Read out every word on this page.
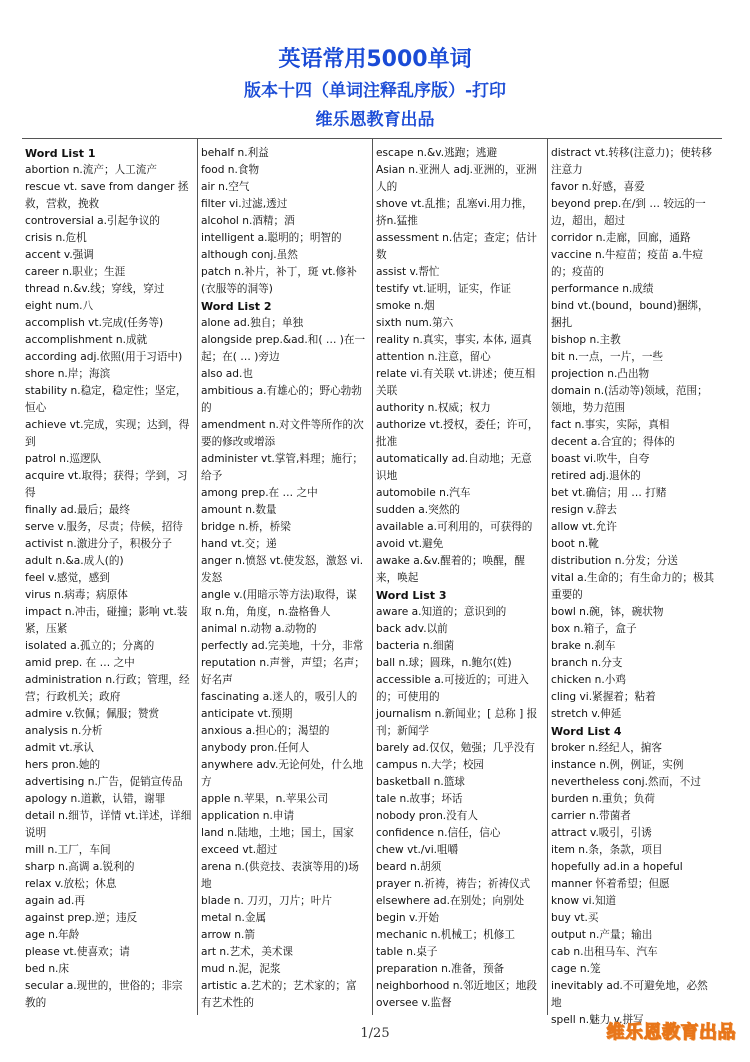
英语常用5000单词
版本十四（单词注释乱序版）-打印
维乐恩教育出品
Word List 1
abortion n.流产；人工流产
rescue vt. save from danger 拯救，营救，挽救
controversial a.引起争议的
crisis n.危机
accent v.强调
career n.职业；生涯
thread n.&v.线；穿线，穿过
eight num.八
accomplish vt.完成(任务等)
accomplishment n.成就
according adj.依照(用于习语中)
shore n.岸；海滨
stability n.稳定，稳定性；坚定，恒心
achieve vt.完成，实现；达到，得到
patrol n.巡逻队
acquire vt.取得；获得；学到，习得
finally ad.最后；最终
serve v.服务，尽责；侍候，招待
activist n.激进分子，积极分子
adult n.&a.成人(的)
feel v.感觉，感到
virus n.病毒；病原体
impact n.冲击，碰撞；影响 vt.装紧，压紧
isolated a.孤立的；分离的
amid prep. 在 … 之中
administration n.行政；管理，经营；行政机关；政府
admire v.钦佩；佩服；赞赏
analysis n.分析
admit vt.承认
hers pron.她的
advertising n.广告，促销宣传品
apology n.道歉，认错，谢罪
detail n.细节，详情 vt.详述，详细说明
mill n.工厂，车间
sharp n.高调 a.锐利的
relax v.放松；休息
again ad.再
against prep.逆；违反
age n.年龄
please vt.使喜欢；请
bed n.床
secular a.现世的，世俗的；非宗教的
behalf n.利益
food n.食物
air n.空气
filter vi.过滤,透过
alcohol n.酒精；酒
intelligent a.聪明的；明智的
although conj.虽然
patch n.补片，补丁，斑 vt.修补(衣服等的洞等)
Word List 2
alone ad.独自；单独
alongside prep.&ad.和( … )在一起；在( … )旁边
also ad.也
ambitious a.有雄心的；野心勃勃的
amendment n.对文件等所作的次要的修改或增添
administer vt.掌管,料理；施行；给予
among prep.在 … 之中
amount n.数量
bridge n.桥，桥梁
hand vt.交；递
anger n.愤怒 vt.使发怒，激怒 vi.发怒
angle v.(用暗示等方法)取得，谋取 n.角，角度，n.盎格鲁人
animal n.动物 a.动物的
perfectly ad.完美地，十分，非常
reputation n.声誉，声望；名声；好名声
fascinating a.迷人的，吸引人的
anticipate vt.预期
anxious a.担心的；渴望的
anybody pron.任何人
anywhere adv.无论何处，什么地方
apple n.苹果，n.苹果公司
application n.申请
land n.陆地，土地；国土，国家
exceed vt.超过
arena n.(供竞技、表演等用的)场地
blade n. 刀刃，刀片；叶片
metal n.金属
arrow n.箭
art n.艺术，美术课
mud n.泥，泥浆
artistic a.艺术的；艺术家的；富有艺术性的
escape n.&v.逃跑；逃避
Asian n.亚洲人 adj.亚洲的，亚洲人的
shove vt.乱推；乱塞vi.用力推，挤n.猛推
assessment n.估定；查定；估计数
assist v.帮忙
testify vt.证明，证实，作证
smoke n.烟
sixth num.第六
reality n.真实，事实, 本体, 逼真
attention n.注意，留心
relate vi.有关联 vt.讲述；使互相关联
authority n.权威；权力
authorize vt.授权，委任；许可，批准
automatically ad.自动地；无意识地
automobile n.汽车
sudden a.突然的
available a.可利用的，可获得的
avoid vt.避免
awake a.&v.醒着的；唤醒，醒来，唤起
Word List 3
aware a.知道的；意识到的
back adv.以前
bacteria n.细菌
ball n.球；圆珠，n.鲍尔(姓)
accessible a.可接近的；可进入的；可使用的
journalism n.新闻业；[ 总称 ] 报刊；新闻学
barely ad.仅仅，勉强；几乎没有
campus n.大学；校园
basketball n.篮球
tale n.故事；坏话
nobody pron.没有人
confidence n.信任，信心
chew vt./vi.咀嚼
beard n.胡须
prayer n.祈祷，祷告；祈祷仪式
elsewhere ad.在别处；向别处
begin v.开始
mechanic n.机械工；机修工
table n.桌子
preparation n.准备，预备
neighborhood n.邻近地区；地段
oversee v.监督
distract vt.转移(注意力)；使转移注意力
favor n.好感，喜爱
beyond prep.在/到 … 较远的一边，超出，超过
corridor n.走廊，回廊，通路
vaccine n.牛痘苗；疫苗 a.牛痘的；疫苗的
performance n.成绩
bind vt.(bound，bound)捆绑，捆扎
bishop n.主教
bit n.一点，一片，一些
projection n.凸出物
domain n.(活动等)领域，范围；领地，势力范围
fact n.事实，实际，真相
decent a.合宜的；得体的
boast vi.吹牛，自夸
retired adj.退休的
bet vt.确信；用 … 打赌
resign v.辞去
allow vt.允许
boot n.靴
distribution n.分发；分送
vital a.生命的；有生命力的；极其重要的
bowl n.碗，钵，碗状物
box n.箱子，盒子
brake n.刹车
branch n.分支
chicken n.小鸡
cling vi.紧握着；粘着
stretch v.伸延
Word List 4
broker n.经纪人，掮客
instance n.例，例证，实例
nevertheless conj.然而，不过
burden n.重负；负荷
carrier n.带菌者
attract v.吸引，引诱
item n.条，条款，项目
hopefully ad.in a hopeful manner 怀着希望；但愿
know vi.知道
buy vt.买
output n.产量；输出
cab n.出租马车、汽车
cage n.笼
inevitably ad.不可避免地，必然地
spell n.魅力 v.拼写
1/25	维乐恩教育出品
